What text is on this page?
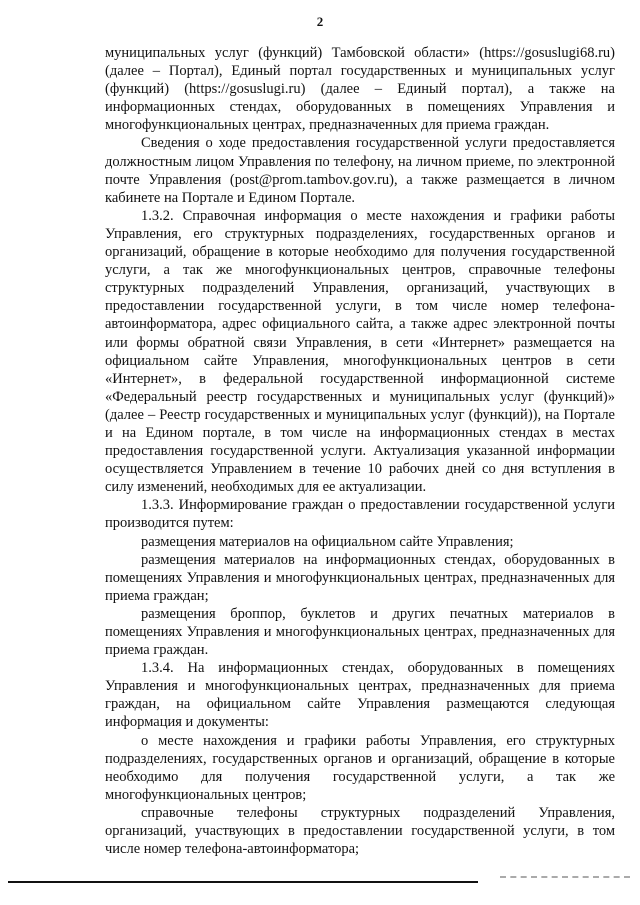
2

муниципальных услуг (функций) Тамбовской области» (https://gosuslugi68.ru) (далее – Портал), Единый портал государственных и муниципальных услуг (функций) (https://gosuslugi.ru) (далее – Единый портал), а также на информационных стендах, оборудованных в помещениях Управления и многофункциональных центрах, предназначенных для приема граждан.

Сведения о ходе предоставления государственной услуги предоставляется должностным лицом Управления по телефону, на личном приеме, по электронной почте Управления (post@prom.tambov.gov.ru), а также размещается в личном кабинете на Портале и Едином Портале.

1.3.2. Справочная информация о месте нахождения и графики работы Управления, его структурных подразделениях, государственных органов и организаций, обращение в которые необходимо для получения государственной услуги, а так же многофункциональных центров, справочные телефоны структурных подразделений Управления, организаций, участвующих в предоставлении государственной услуги, в том числе номер телефона-автоинформатора, адрес официального сайта, а также адрес электронной почты или формы обратной связи Управления, в сети «Интернет» размещается на официальном сайте Управления, многофункциональных центров в сети «Интернет», в федеральной государственной информационной системе «Федеральный реестр государственных и муниципальных услуг (функций)» (далее – Реестр государственных и муниципальных услуг (функций)), на Портале и на Едином портале, в том числе на информационных стендах в местах предоставления государственной услуги. Актуализация указанной информации осуществляется Управлением в течение 10 рабочих дней со дня вступления в силу изменений, необходимых для ее актуализации.

1.3.3. Информирование граждан о предоставлении государственной услуги производится путем:

размещения материалов на официальном сайте Управления;

размещения материалов на информационных стендах, оборудованных в помещениях Управления и многофункциональных центрах, предназначенных для приема граждан;

размещения броппор, буклетов и других печатных материалов в помещениях Управления и многофункциональных центрах, предназначенных для приема граждан.

1.3.4. На информационных стендах, оборудованных в помещениях Управления и многофункциональных центрах, предназначенных для приема граждан, на официальном сайте Управления размещаются следующая информация и документы:

о месте нахождения и графики работы Управления, его структурных подразделениях, государственных органов и организаций, обращение в которые необходимо для получения государственной услуги, а так же многофункциональных центров;

справочные телефоны структурных подразделений Управления, организаций, участвующих в предоставлении государственной услуги, в том числе номер телефона-автоинформатора;
